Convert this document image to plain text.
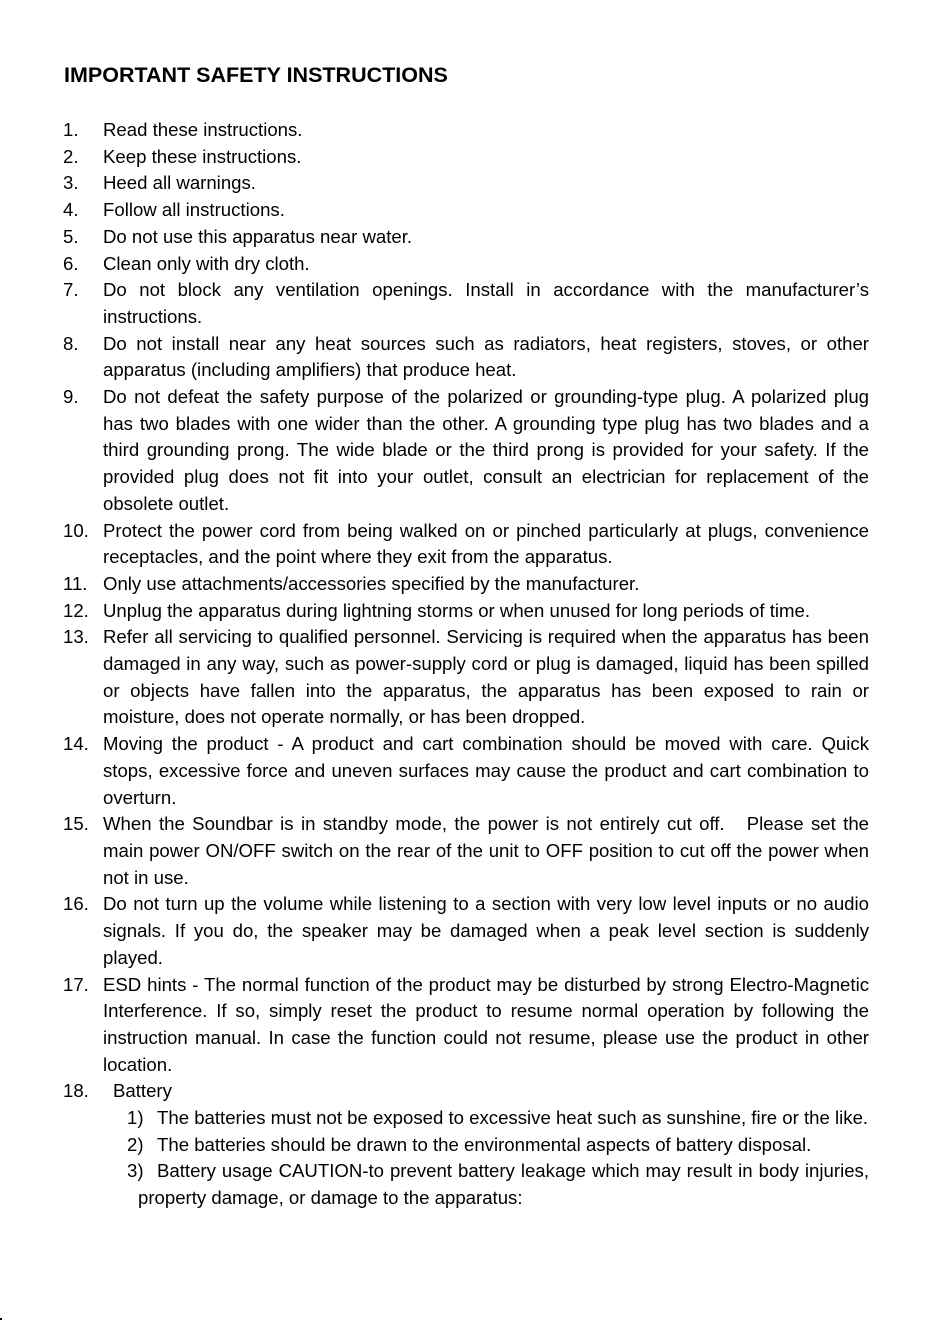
IMPORTANT SAFETY INSTRUCTIONS
1. Read these instructions.
2. Keep these instructions.
3. Heed all warnings.
4. Follow all instructions.
5. Do not use this apparatus near water.
6. Clean only with dry cloth.
7. Do not block any ventilation openings. Install in accordance with the manufacturer’s instructions.
8. Do not install near any heat sources such as radiators, heat registers, stoves, or other apparatus (including amplifiers) that produce heat.
9. Do not defeat the safety purpose of the polarized or grounding-type plug. A polarized plug has two blades with one wider than the other. A grounding type plug has two blades and a third grounding prong. The wide blade or the third prong is provided for your safety. If the provided plug does not fit into your outlet, consult an electrician for replacement of the obsolete outlet.
10. Protect the power cord from being walked on or pinched particularly at plugs, convenience receptacles, and the point where they exit from the apparatus.
11. Only use attachments/accessories specified by the manufacturer.
12. Unplug the apparatus during lightning storms or when unused for long periods of time.
13. Refer all servicing to qualified personnel. Servicing is required when the apparatus has been damaged in any way, such as power-supply cord or plug is damaged, liquid has been spilled or objects have fallen into the apparatus, the apparatus has been exposed to rain or moisture, does not operate normally, or has been dropped.
14. Moving the product - A product and cart combination should be moved with care. Quick stops, excessive force and uneven surfaces may cause the product and cart combination to overturn.
15. When the Soundbar is in standby mode, the power is not entirely cut off.   Please set the main power ON/OFF switch on the rear of the unit to OFF position to cut off the power when not in use.
16. Do not turn up the volume while listening to a section with very low level inputs or no audio signals. If you do, the speaker may be damaged when a peak level section is suddenly played.
17. ESD hints - The normal function of the product may be disturbed by strong Electro-Magnetic Interference. If so, simply reset the product to resume normal operation by following the instruction manual. In case the function could not resume, please use the product in other location.
18. Battery
1) The batteries must not be exposed to excessive heat such as sunshine, fire or the like.
2) The batteries should be drawn to the environmental aspects of battery disposal.
3) Battery usage CAUTION-to prevent battery leakage which may result in body injuries, property damage, or damage to the apparatus:
